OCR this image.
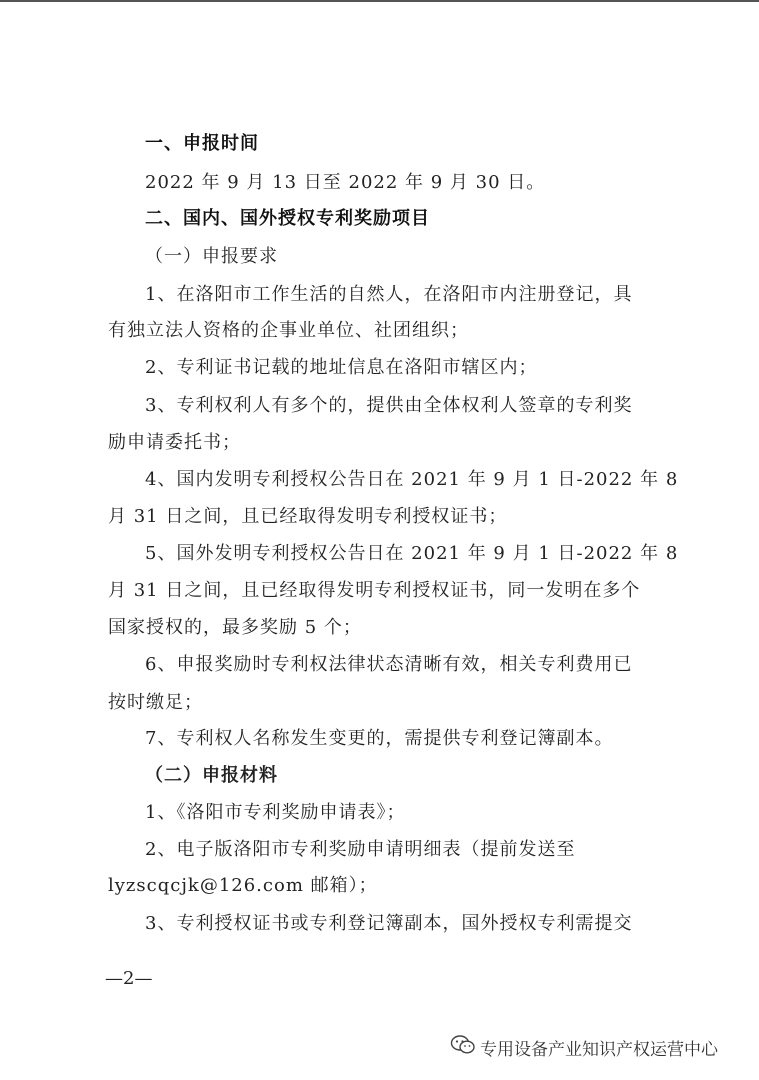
一、申报时间
2022 年 9 月 13 日至 2022 年 9 月 30 日。
二、国内、国外授权专利奖励项目
（一）申报要求
1、在洛阳市工作生活的自然人，在洛阳市内注册登记，具
有独立法人资格的企事业单位、社团组织；
2、专利证书记载的地址信息在洛阳市辖区内；
3、专利权利人有多个的，提供由全体权利人签章的专利奖
励申请委托书；
4、国内发明专利授权公告日在 2021 年 9 月 1 日-2022 年 8
月 31 日之间，且已经取得发明专利授权证书；
5、国外发明专利授权公告日在 2021 年 9 月 1 日-2022 年 8
月 31 日之间，且已经取得发明专利授权证书，同一发明在多个
国家授权的，最多奖励 5 个；
6、申报奖励时专利权法律状态清晰有效，相关专利费用已
按时缴足；
7、专利权人名称发生变更的，需提供专利登记簿副本。
（二）申报材料
1、《洛阳市专利奖励申请表》；
2、电子版洛阳市专利奖励申请明细表（提前发送至
lyzscqcjk@126.com 邮箱）；
3、专利授权证书或专利登记簿副本，国外授权专利需提交
—2—
专用设备产业知识产权运营中心
